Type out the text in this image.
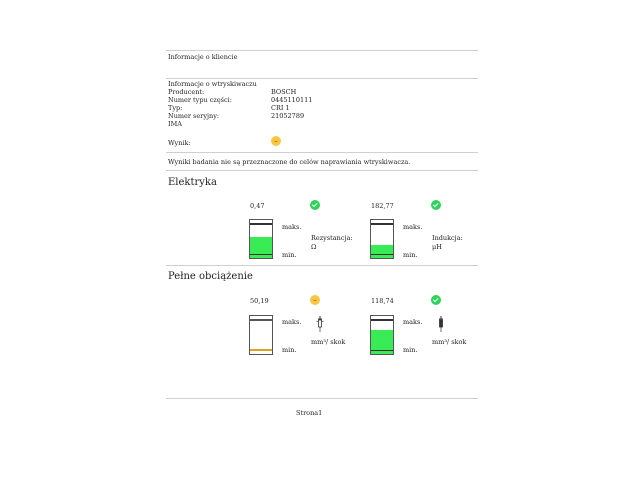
Informacje o kliencie
Informacje o wtryskiwaczu
Producent:	BOSCH
Numer typu części:	0445110111
Typ:	CRI 1
Numer seryjny:	21052789
IMA
Wynik:
Wyniki badania nie są przeznaczone do celów naprawiania wtryskiwacza.
Elektryka
0,47
maks.
min.
Rezystancja:
Ω
182,77
maks.
min.
Indukcja:
μH
Pełne obciążenie
50,19
maks.
min.
mm³/ skok
118,74
maks.
min.
mm³/ skok
Strona1
